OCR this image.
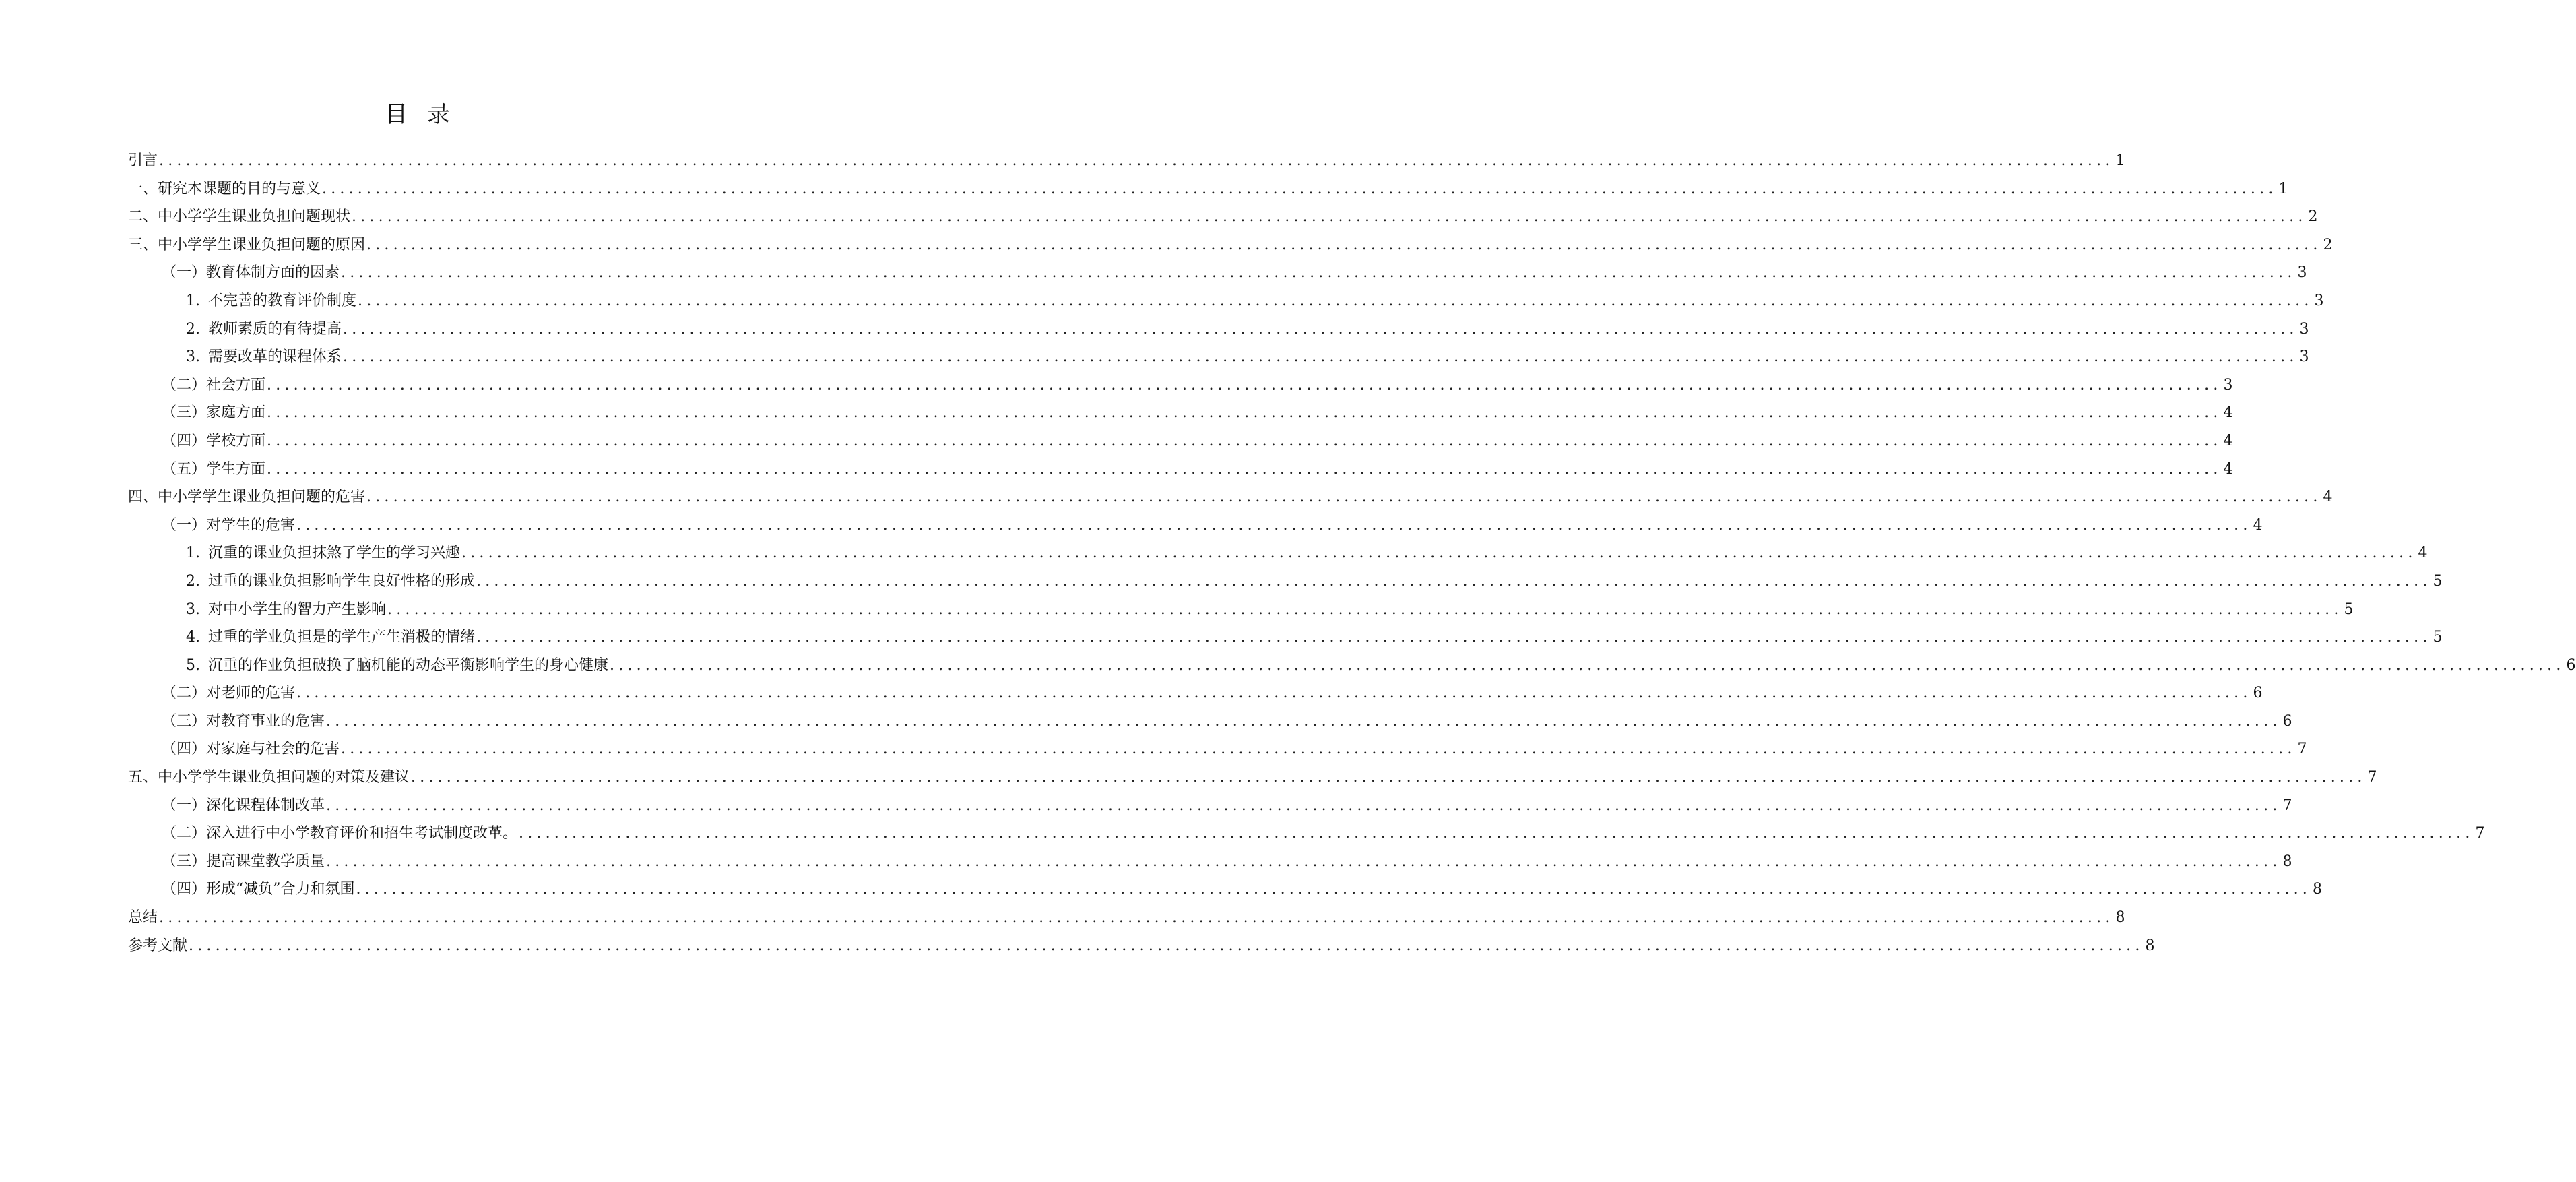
目 录
引言 ............................................................................................................................................................................................................................ 1
一、研究本课题的目的与意义 ............................................................................................................................................................................................................................ 1
二、中小学学生课业负担问题现状 ............................................................................................................................................................................................................................ 2
三、中小学学生课业负担问题的原因 ............................................................................................................................................................................................................................ 2
（一）教育体制方面的因素 ............................................................................................................................................................................................................................ 3
1. 不完善的教育评价制度 ............................................................................................................................................................................................................................ 3
2. 教师素质的有待提高 ............................................................................................................................................................................................................................ 3
3. 需要改革的课程体系 ............................................................................................................................................................................................................................ 3
（二）社会方面 ............................................................................................................................................................................................................................ 3
（三）家庭方面 ............................................................................................................................................................................................................................ 4
（四）学校方面 ............................................................................................................................................................................................................................ 4
（五）学生方面 ............................................................................................................................................................................................................................ 4
四、中小学学生课业负担问题的危害 ............................................................................................................................................................................................................................ 4
（一）对学生的危害 ............................................................................................................................................................................................................................ 4
1. 沉重的课业负担抹煞了学生的学习兴趣 ............................................................................................................................................................................................................................ 4
2. 过重的课业负担影响学生良好性格的形成 ............................................................................................................................................................................................................................ 5
3. 对中小学生的智力产生影响 ............................................................................................................................................................................................................................ 5
4. 过重的学业负担是的学生产生消极的情绪 ............................................................................................................................................................................................................................ 5
5. 沉重的作业负担破换了脑机能的动态平衡影响学生的身心健康 ............................................................................................................................................................................................................................ 6
（二）对老师的危害 ............................................................................................................................................................................................................................ 6
（三）对教育事业的危害 ............................................................................................................................................................................................................................ 6
（四）对家庭与社会的危害 ............................................................................................................................................................................................................................ 7
五、中小学学生课业负担问题的对策及建议 ............................................................................................................................................................................................................................ 7
（一）深化课程体制改革 ............................................................................................................................................................................................................................ 7
（二）深入进行中小学教育评价和招生考试制度改革。 ............................................................................................................................................................................................................................ 7
（三）提高课堂教学质量 ............................................................................................................................................................................................................................ 8
（四）形成“减负”合力和氛围 ............................................................................................................................................................................................................................ 8
总结 ............................................................................................................................................................................................................................ 8
参考文献 ............................................................................................................................................................................................................................ 8
